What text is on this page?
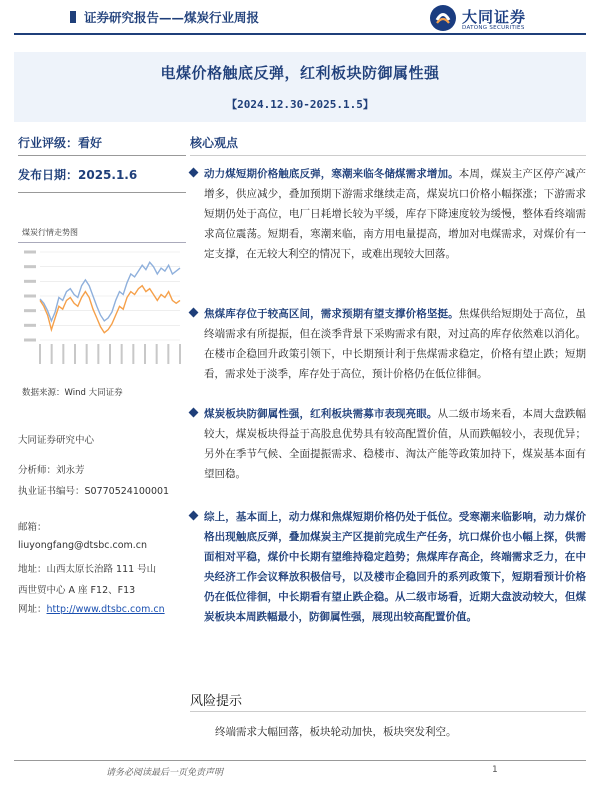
证券研究报告——煤炭行业周报	大同证券
DATONG SECURITIES
电煤价格触底反弹，红利板块防御属性强
【2024.12.30-2025.1.5】
行业评级：看好
发布日期：2025.1.6
煤炭行情走势图
数据来源：Wind 大同证券
大同证券研究中心
分析师：刘永芳
执业证书编号：S0770524100001
邮箱：
liuyongfang@dtsbc.com.cn
地址：山西太原长治路 111 号山
西世贸中心 A 座 F12、F13
网址：http://www.dtsbc.com.cn
核心观点
动力煤短期价格触底反弹，寒潮来临冬储煤需求增加。本周，煤炭主产区停产减产增多，供应减少，叠加预期下游需求继续走高，煤炭坑口价格小幅探涨；下游需求短期仍处于高位，电厂日耗增长较为平缓，库存下降速度较为缓慢，整体看终端需求高位震荡。短期看，寒潮来临，南方用电量提高，增加对电煤需求，对煤价有一定支撑，在无较大利空的情况下，或难出现较大回落。
焦煤库存位于较高区间，需求预期有望支撑价格坚挺。焦煤供给短期处于高位，虽终端需求有所提振，但在淡季背景下采购需求有限，对过高的库存依然难以消化。在楼市企稳回升政策引领下，中长期预计利于焦煤需求稳定，价格有望止跌；短期看，需求处于淡季，库存处于高位，预计价格仍在低位徘徊。
煤炭板块防御属性强，红利板块需募市表现亮眼。从二级市场来看，本周大盘跌幅较大，煤炭板块得益于高股息优势具有较高配置价值，从而跌幅较小，表现优异；另外在季节气候、全面提振需求、稳楼市、淘汰产能等政策加持下，煤炭基本面有望回稳。
综上，基本面上，动力煤和焦煤短期价格仍处于低位。受寒潮来临影响，动力煤价格出现触底反弹，叠加煤炭主产区提前完成生产任务，坑口煤价也小幅上探，供需面相对平稳，煤价中长期有望维持稳定趋势；焦煤库存高企，终端需求乏力，在中央经济工作会议释放积极信号，以及楼市企稳回升的系列政策下，短期看预计价格仍在低位徘徊，中长期看有望止跌企稳。从二级市场看，近期大盘波动较大，但煤炭板块本周跌幅最小，防御属性强，展现出较高配置价值。
风险提示
终端需求大幅回落，板块轮动加快，板块突发利空。
请务必阅读最后一页免责声明	1
